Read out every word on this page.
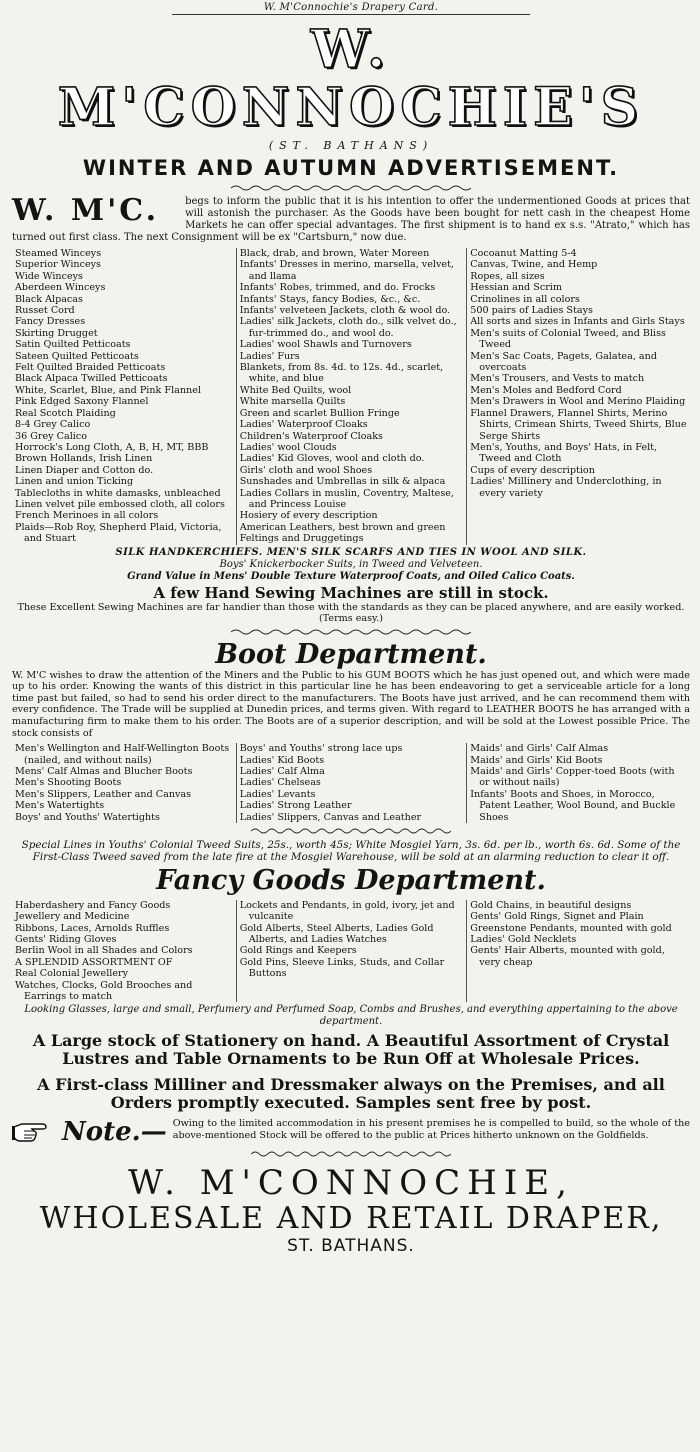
W. M'Connochie's Drapery Card.
W. M'CONNOCHIE'S
(ST. BATHANS)
WINTER AND AUTUMN ADVERTISEMENT.
W. M'C.	begs to inform the public that it is his intention to offer the undermentioned Goods at prices that will astonish the purchaser. As the Goods have been bought for nett cash in the cheapest Home Markets he can offer special advantages. The first shipment is to hand ex s.s. "Atrato," which has turned out first class. The next Consignment will be ex "Cartsburn," now due.
Steamed Winceys
Superior Winceys
Wide Winceys
Aberdeen Winceys
Black Alpacas
Russet Cord
Fancy Dresses
Skirting Drugget
Satin Quilted Petticoats
Sateen Quilted Petticoats
Felt Quilted Braided Petticoats
Black Alpaca Twilled Petticoats
White, Scarlet, Blue, and Pink Flannel
Pink Edged Saxony Flannel
Real Scotch Plaiding
8-4 Grey Calico
36 Grey Calico
Horrock's Long Cloth, A, B, H, MT, BBB
Brown Hollands, Irish Linen
Linen Diaper and Cotton do.
Linen and union Ticking
Tablecloths in white damasks, unbleached
Linen velvet pile embossed cloth, all colors
French Merinoes in all colors
Plaids—Rob Roy, Shepherd Plaid, Victoria, and Stuart
Black, drab, and brown, Water Moreen
Infants' Dresses in merino, marsella, velvet, and llama
Infants' Robes, trimmed, and do. Frocks
Infants' Stays, fancy Bodies, &c., &c.
Infants' velveteen Jackets, cloth & wool do.
Ladies' silk Jackets, cloth do., silk velvet do., fur-trimmed do., and wool do.
Ladies' wool Shawls and Turnovers
Ladies' Furs
Blankets, from 8s. 4d. to 12s. 4d., scarlet, white, and blue
White Bed Quilts, wool
White marsella Quilts
Green and scarlet Bullion Fringe
Ladies' Waterproof Cloaks
Children's Waterproof Cloaks
Ladies' wool Clouds
Ladies' Kid Gloves, wool and cloth do.
Girls' cloth and wool Shoes
Sunshades and Umbrellas in silk & alpaca
Ladies Collars in muslin, Coventry, Maltese, and Princess Louise
Hosiery of every description
American Leathers, best brown and green
Feltings and Druggetings
Cocoanut Matting 5-4
Canvas, Twine, and Hemp
Ropes, all sizes
Hessian and Scrim
Crinolines in all colors
500 pairs of Ladies Stays
All sorts and sizes in Infants and Girls Stays
Men's suits of Colonial Tweed, and Bliss Tweed
Men's Sac Coats, Pagets, Galatea, and overcoats
Men's Trousers, and Vests to match
Men's Moles and Bedford Cord
Men's Drawers in Wool and Merino Plaiding
Flannel Drawers, Flannel Shirts, Merino Shirts, Crimean Shirts, Tweed Shirts, Blue Serge Shirts
Men's, Youths, and Boys' Hats, in Felt, Tweed and Cloth
Cups of every description
Ladies' Millinery and Underclothing, in every variety
SILK HANDKERCHIEFS. MEN'S SILK SCARFS AND TIES IN WOOL AND SILK.
Boys' Knickerbocker Suits, in Tweed and Velveteen.
Grand Value in Mens' Double Texture Waterproof Coats, and Oiled Calico Coats.
A few Hand Sewing Machines are still in stock.
These Excellent Sewing Machines are far handier than those with the standards as they can be placed anywhere, and are easily worked. (Terms easy.)
Boot Department.
W. M'C wishes to draw the attention of the Miners and the Public to his GUM BOOTS which he has just opened out, and which were made up to his order. Knowing the wants of this district in this particular line he has been endeavoring to get a serviceable article for a long time past but failed, so had to send his order direct to the manufacturers. The Boots have just arrived, and he can recommend them with every confidence. The Trade will be supplied at Dunedin prices, and terms given. With regard to LEATHER BOOTS he has arranged with a manufacturing firm to make them to his order. The Boots are of a superior description, and will be sold at the Lowest possible Price. The stock consists of
Men's Wellington and Half-Wellington Boots (nailed, and without nails)
Mens' Calf Almas and Blucher Boots
Men's Shooting Boots
Men's Slippers, Leather and Canvas
Men's Watertights
Boys' and Youths' Watertights
Boys' and Youths' strong lace ups
Ladies' Kid Boots
Ladies' Calf Alma
Ladies' Chelseas
Ladies' Levants
Ladies' Strong Leather
Ladies' Slippers, Canvas and Leather
Maids' and Girls' Calf Almas
Maids' and Girls' Kid Boots
Maids' and Girls' Copper-toed Boots (with or without nails)
Infants' Boots and Shoes, in Morocco, Patent Leather, Wool Bound, and Buckle Shoes
Special Lines in Youths' Colonial Tweed Suits, 25s., worth 45s; White Mosgiel Yarn, 3s. 6d. per lb., worth 6s. 6d. Some of the First-Class Tweed saved from the late fire at the Mosgiel Warehouse, will be sold at an alarming reduction to clear it off.
Fancy Goods Department.
Haberdashery and Fancy Goods
Jewellery and Medicine
Ribbons, Laces, Arnolds Ruffles
Gents' Riding Gloves
Berlin Wool in all Shades and Colors
A SPLENDID ASSORTMENT OF
Real Colonial Jewellery
Watches, Clocks, Gold Brooches and Earrings to match
Lockets and Pendants, in gold, ivory, jet and vulcanite
Gold Alberts, Steel Alberts, Ladies Gold Alberts, and Ladies Watches
Gold Rings and Keepers
Gold Pins, Sleeve Links, Studs, and Collar Buttons
Gold Chains, in beautiful designs
Gents' Gold Rings, Signet and Plain
Greenstone Pendants, mounted with gold
Ladies' Gold Necklets
Gents' Hair Alberts, mounted with gold, very cheap
Looking Glasses, large and small, Perfumery and Perfumed Soap, Combs and Brushes, and everything appertaining to the above department.
A Large stock of Stationery on hand. A Beautiful Assortment of Crystal Lustres and Table Ornaments to be Run Off at Wholesale Prices.
A First-class Milliner and Dressmaker always on the Premises, and all Orders promptly executed. Samples sent free by post.
Note.— Owing to the limited accommodation in his present premises he is compelled to build, so the whole of the above-mentioned Stock will be offered to the public at Prices hitherto unknown on the Goldfields.
W. M'CONNOCHIE,
WHOLESALE AND RETAIL DRAPER,
ST. BATHANS.
